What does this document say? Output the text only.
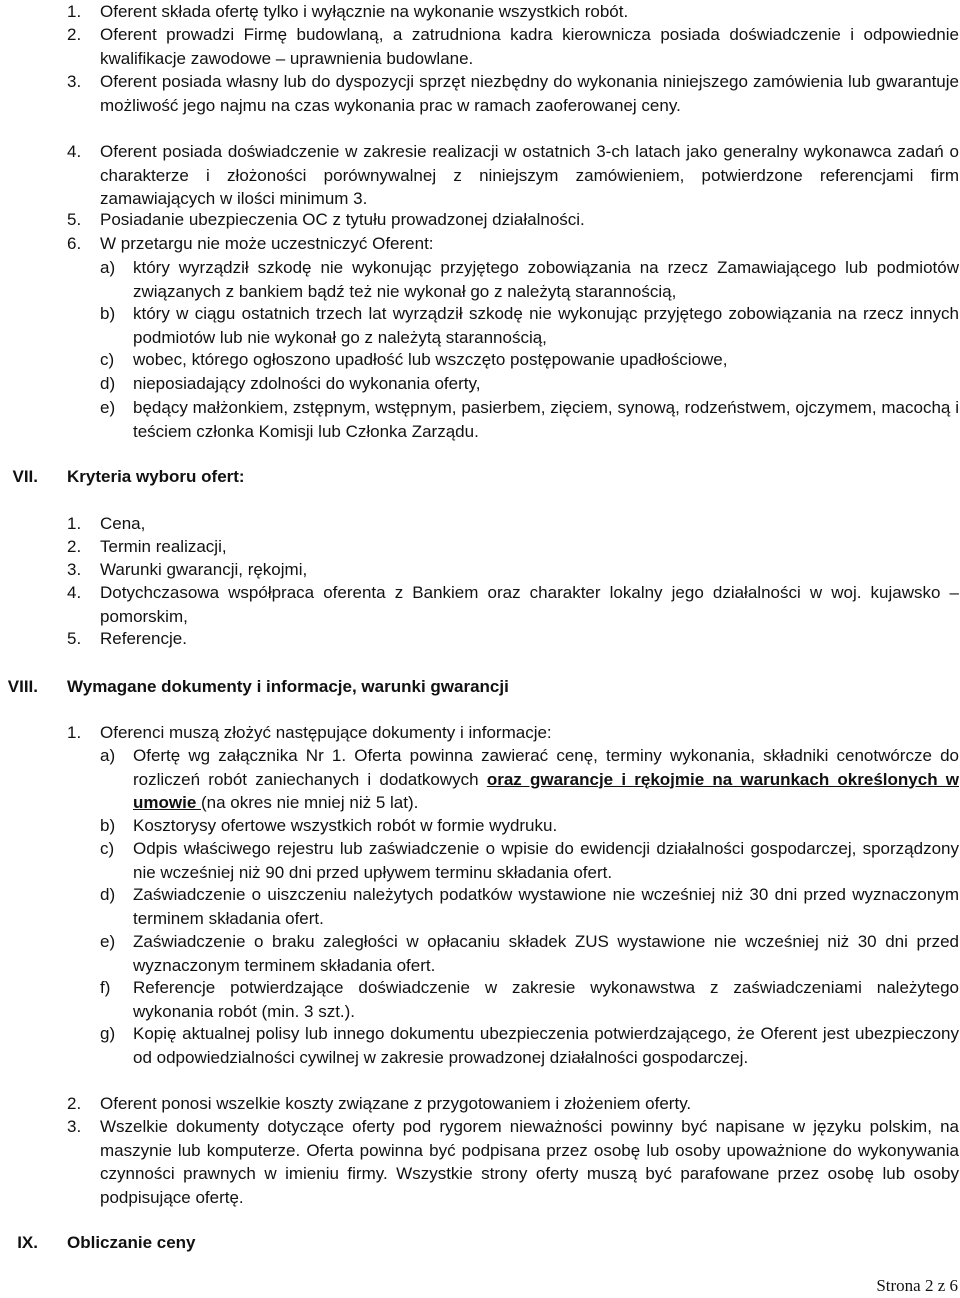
1. Oferent składa ofertę tylko i wyłącznie na wykonanie wszystkich robót.
2. Oferent prowadzi Firmę budowlaną, a zatrudniona kadra kierownicza posiada doświadczenie i odpowiednie kwalifikacje zawodowe – uprawnienia budowlane.
3. Oferent posiada własny lub do dyspozycji sprzęt niezbędny do wykonania niniejszego zamówienia lub gwarantuje możliwość jego najmu na czas wykonania prac w ramach zaoferowanej ceny.
4. Oferent posiada doświadczenie w zakresie realizacji w ostatnich 3-ch latach jako generalny wykonawca zadań o charakterze i złożoności porównywalnej z niniejszym zamówieniem, potwierdzone referencjami firm zamawiających w ilości minimum 3.
5. Posiadanie ubezpieczenia OC z tytułu prowadzonej działalności.
6. W przetargu nie może uczestniczyć Oferent:
a) który wyrządził szkodę nie wykonując przyjętego zobowiązania na rzecz Zamawiającego lub podmiotów związanych z bankiem bądź też nie wykonał go z należytą starannością,
b) który w ciągu ostatnich trzech lat wyrządził szkodę nie wykonując przyjętego zobowiązania na rzecz innych podmiotów lub nie wykonał go z należytą starannością,
c) wobec, którego ogłoszono upadłość lub wszczęto postępowanie upadłościowe,
d) nieposiadający zdolności do wykonania oferty,
e) będący małżonkiem, zstępnym, wstępnym, pasierbem, zięciem, synową, rodzeństwem, ojczymem, macochą i teściem członka Komisji lub Członka Zarządu.
VII. Kryteria wyboru ofert:
1. Cena,
2. Termin realizacji,
3. Warunki gwarancji, rękojmi,
4. Dotychczasowa współpraca oferenta z Bankiem oraz charakter lokalny jego działalności w woj. kujawsko – pomorskim,
5. Referencje.
VIII. Wymagane dokumenty i informacje, warunki gwarancji
1. Oferenci muszą złożyć następujące dokumenty i informacje:
a) Ofertę wg załącznika Nr 1. Oferta powinna zawierać cenę, terminy wykonania, składniki cenotwórcze do rozliczeń robót zaniechanych i dodatkowych oraz gwarancje i rękojmie na warunkach określonych w umowie (na okres nie mniej niż 5 lat).
b) Kosztorysy ofertowe wszystkich robót w formie wydruku.
c) Odpis właściwego rejestru lub zaświadczenie o wpisie do ewidencji działalności gospodarczej, sporządzony nie wcześniej niż 90 dni przed upływem terminu składania ofert.
d) Zaświadczenie o uiszczeniu należytych podatków wystawione nie wcześniej niż 30 dni przed wyznaczonym terminem składania ofert.
e) Zaświadczenie o braku zaległości w opłacaniu składek ZUS wystawione nie wcześniej niż 30 dni przed wyznaczonym terminem składania ofert.
f) Referencje potwierdzające doświadczenie w zakresie wykonawstwa z zaświadczeniami należytego wykonania robót (min. 3 szt.).
g) Kopię aktualnej polisy lub innego dokumentu ubezpieczenia potwierdzającego, że Oferent jest ubezpieczony od odpowiedzialności cywilnej w zakresie prowadzonej działalności gospodarczej.
2. Oferent ponosi wszelkie koszty związane z przygotowaniem i złożeniem oferty.
3. Wszelkie dokumenty dotyczące oferty pod rygorem nieważności powinny być napisane w języku polskim, na maszynie lub komputerze. Oferta powinna być podpisana przez osobę lub osoby upoważnione do wykonywania czynności prawnych w imieniu firmy. Wszystkie strony oferty muszą być parafowane przez osobę lub osoby podpisujące ofertę.
IX. Obliczanie ceny
Strona 2 z 6
